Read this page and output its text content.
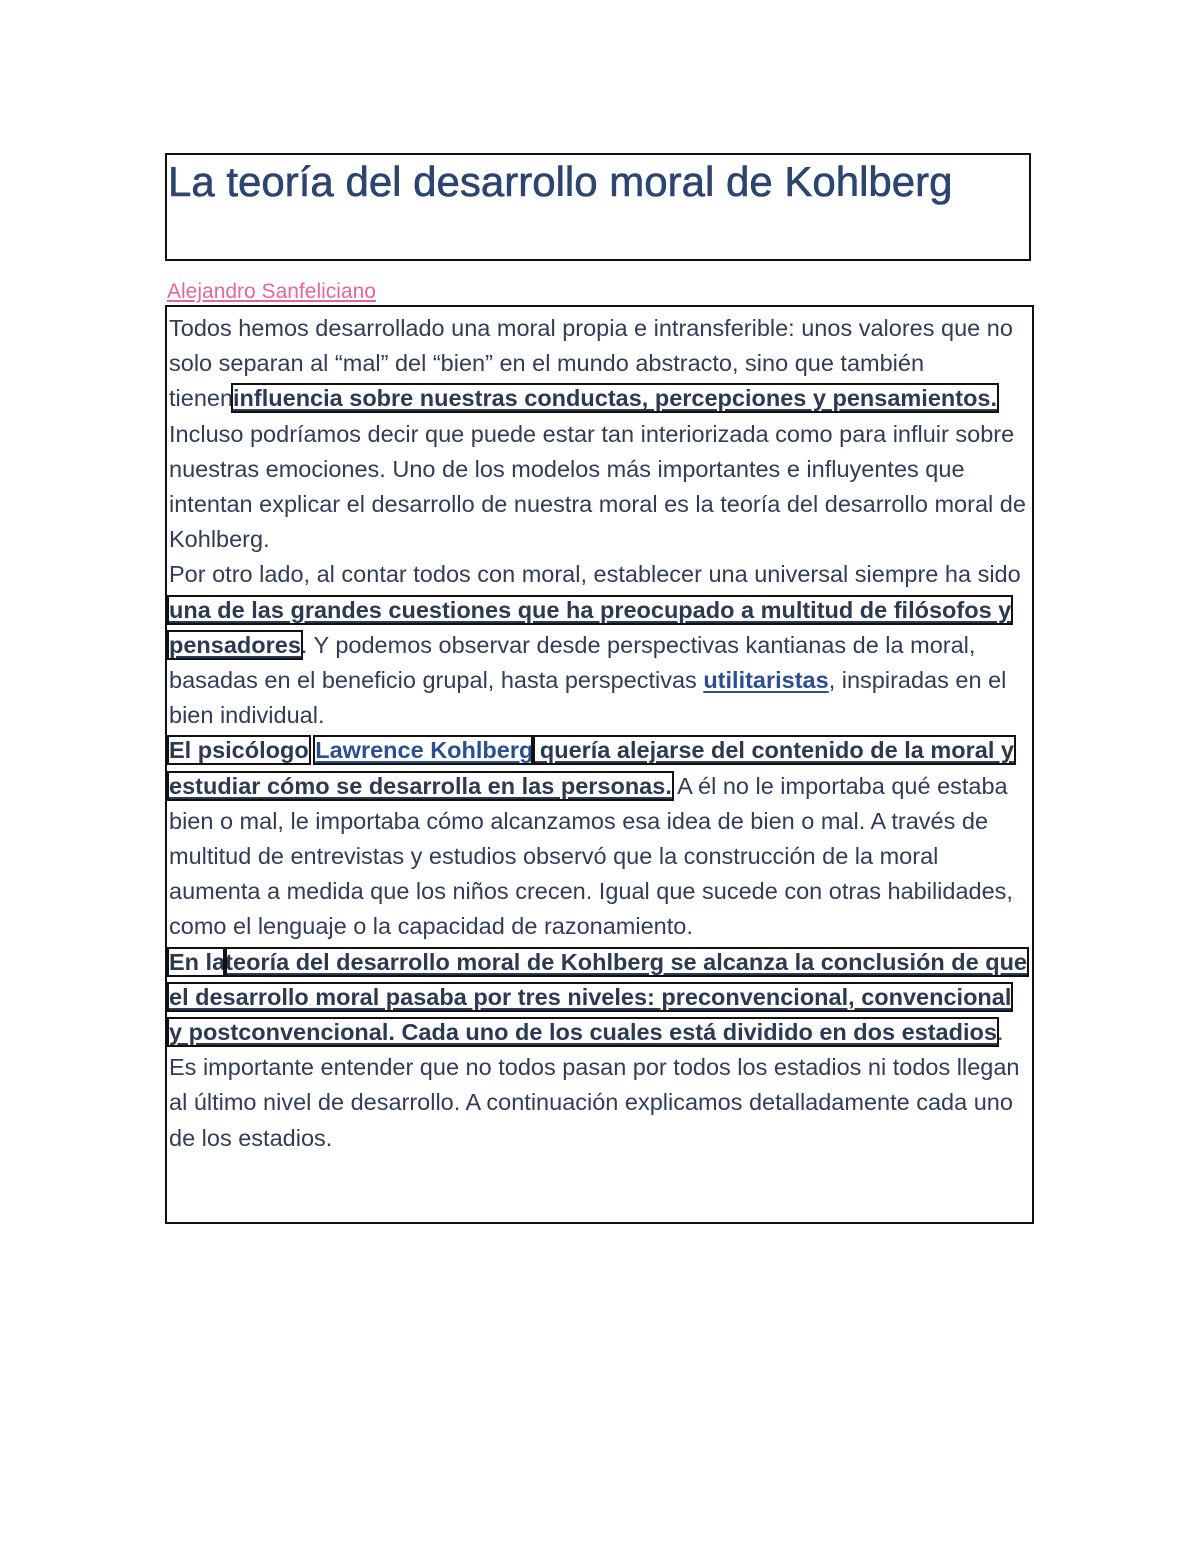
La teoría del desarrollo moral de Kohlberg
Alejandro Sanfeliciano

Todos hemos desarrollado una moral propia e intransferible: unos valores que no solo separan al “mal” del “bien” en el mundo abstracto, sino que también tieneninfluencia sobre nuestras conductas, percepciones y pensamientos. Incluso podríamos decir que puede estar tan interiorizada como para influir sobre nuestras emociones. Uno de los modelos más importantes e influyentes que intentan explicar el desarrollo de nuestra moral es la teoría del desarrollo moral de Kohlberg.

Por otro lado, al contar todos con moral, establecer una universal siempre ha sido una de las grandes cuestiones que ha preocupado a multitud de filósofos y pensadores. Y podemos observar desde perspectivas kantianas de la moral, basadas en el beneficio grupal, hasta perspectivas utilitaristas, inspiradas en el bien individual.

El psicólogo Lawrence Kohlberg quería alejarse del contenido de la moral y estudiar cómo se desarrolla en las personas. A él no le importaba qué estaba bien o mal, le importaba cómo alcanzamos esa idea de bien o mal. A través de multitud de entrevistas y estudios observó que la construcción de la moral aumenta a medida que los niños crecen. Igual que sucede con otras habilidades, como el lenguaje o la capacidad de razonamiento.

En lateoría del desarrollo moral de Kohlberg se alcanza la conclusión de que el desarrollo moral pasaba por tres niveles: preconvencional, convencional y postconvencional. Cada uno de los cuales está dividido en dos estadios. Es importante entender que no todos pasan por todos los estadios ni todos llegan al último nivel de desarrollo. A continuación explicamos detalladamente cada uno de los estadios.
